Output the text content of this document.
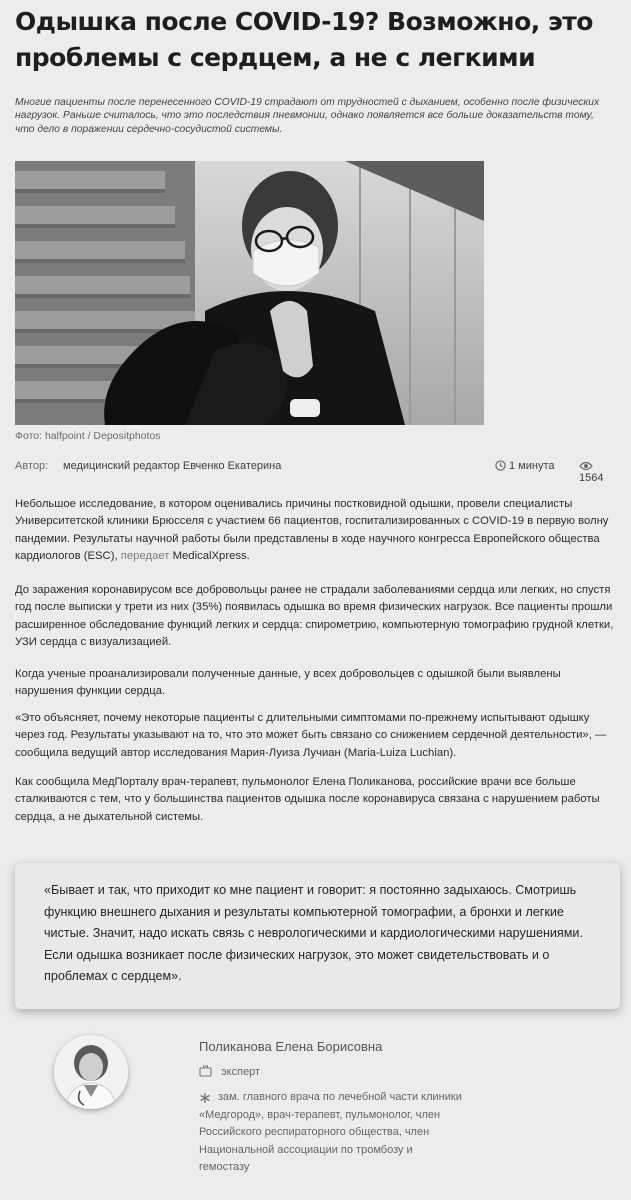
Одышка после COVID-19? Возможно, это проблемы с сердцем, а не с легкими
Многие пациенты после перенесенного COVID-19 страдают от трудностей с дыханием, особенно после физических нагрузок. Раньше считалось, что это последствия пневмонии, однако появляется все больше доказательств тому, что дело в поражении сердечно-сосудистой системы.
Фото: halfpoint / Depositphotos
Автор: медицинский редактор Евченко Екатерина	1 минута
1564

Небольшое исследование, в котором оценивались причины постковидной одышки, провели специалисты Университетской клиники Брюсселя с участием 66 пациентов, госпитализированных с COVID-19 в первую волну пандемии. Результаты научной работы были представлены в ходе научного конгресса Европейского общества кардиологов (ESC), передает MedicalXpress.

До заражения коронавирусом все добровольцы ранее не страдали заболеваниями сердца или легких, но спустя год после выписки у трети из них (35%) появилась одышка во время физических нагрузок. Все пациенты прошли расширенное обследование функций легких и сердца: спирометрию, компьютерную томографию грудной клетки, УЗИ сердца с визуализацией.

Когда ученые проанализировали полученные данные, у всех добровольцев с одышкой были выявлены нарушения функции сердца.

«Это объясняет, почему некоторые пациенты с длительными симптомами по-прежнему испытывают одышку через год. Результаты указывают на то, что это может быть связано со снижением сердечной деятельности», — сообщила ведущий автор исследования Мария-Луиза Лучиан (Maria-Luiza Luchian).

Как сообщила МедПорталу врач-терапевт, пульмонолог Елена Поликанова, российские врачи все больше сталкиваются с тем, что у большинства пациентов одышка после коронавируса связана с нарушением работы сердца, а не дыхательной системы.

«Бывает и так, что приходит ко мне пациент и говорит: я постоянно задыхаюсь. Смотришь функцию внешнего дыхания и результаты компьютерной томографии, а бронхи и легкие чистые. Значит, надо искать связь с неврологическими и кардиологическими нарушениями. Если одышка возникает после физических нагрузок, это может свидетельствовать и о проблемах с сердцем».

Поликанова Елена Борисовна
эксперт
зам. главного врача по лечебной части клиники «Медгород», врач-терапевт, пульмонолог, член Российского респираторного общества, член Национальной ассоциации по тромбозу и гемостазу
